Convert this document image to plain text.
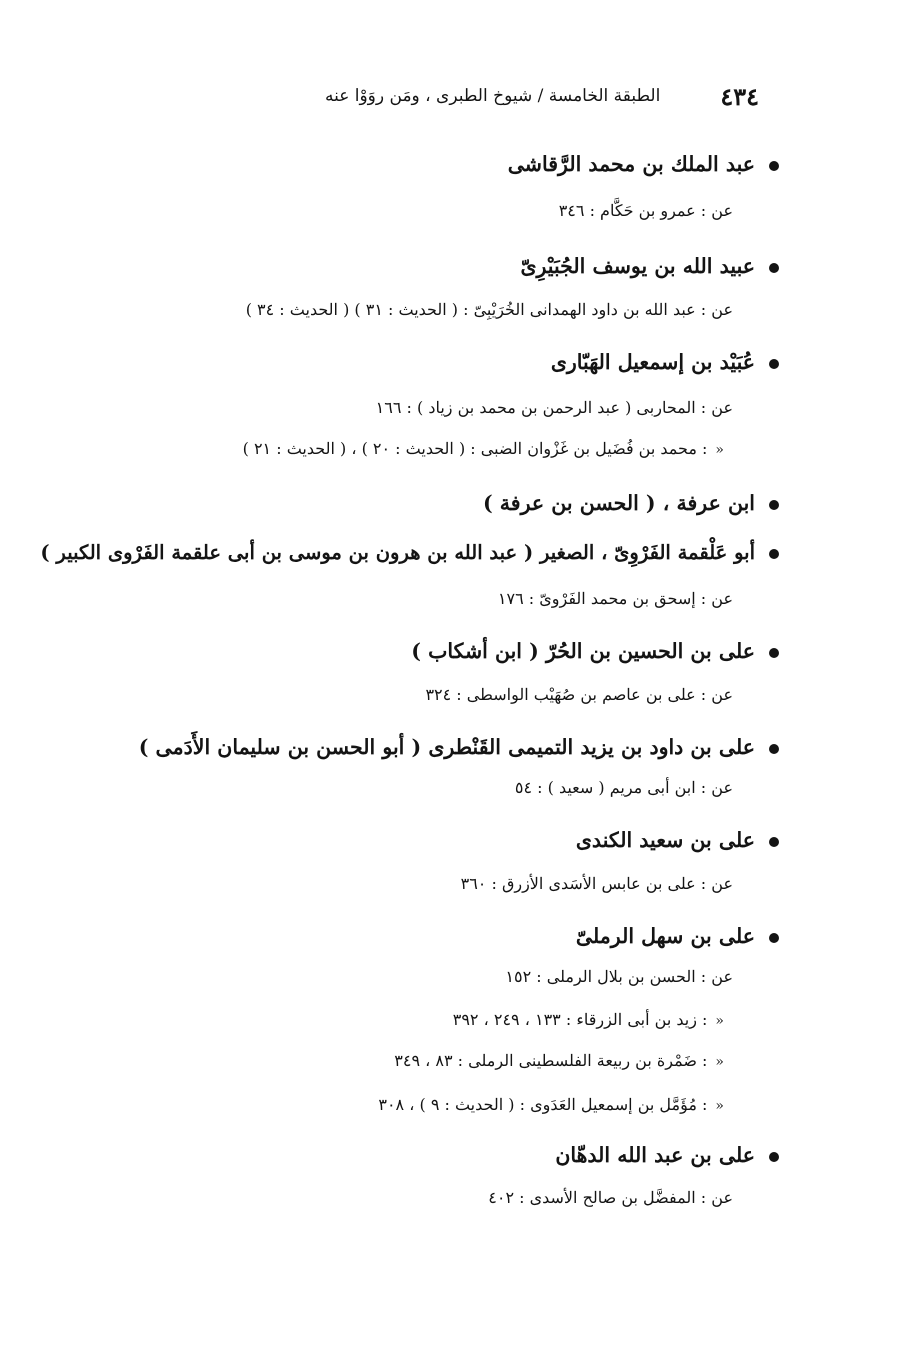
٤٣٤
الطبقة الخامسة / شيوخ الطبرى ، ومَن روَوْا عنه
عبد الملك بن محمد الرَّقاشى
عن : عمرو بن حَكَّام : ٣٤٦
عبيد الله بن يوسف الجُبَيْرِىّ
عن : عبد الله بن داود الهمدانى الخُرَيْبِىّ : ( الحديث : ٣١ ) ( الحديث : ٣٤ )
عُبَيْد بن إسمعيل الهَبّارى
عن : المحاربى ( عبد الرحمن بن محمد بن زياد ) : ١٦٦
«: محمد بن فُضَيل بن غَزْوان الضبى : ( الحديث : ٢٠ ) ، ( الحديث : ٢١ )
ابن عرفة ، ( الحسن بن عرفة )
أبو عَلْقمة الفَرْوِىّ ، الصغير ( عبد الله بن هرون بن موسى بن أبى علقمة الفَرْوى الكبير )
عن : إسحق بن محمد الفَرْوىّ : ١٧٦
على بن الحسين بن الحُرّ ( ابن أشكاب )
عن : على بن عاصم بن صُهَيْب الواسطى : ٣٢٤
على بن داود بن يزيد التميمى القَنْطرى ( أبو الحسن بن سليمان الأَدَمى )
عن : ابن أبى مريم ( سعيد ) : ٥٤
على بن سعيد الكندى
عن : على بن عابس الأسَدى الأزرق : ٣٦٠
على بن سهل الرملىّ
عن : الحسن بن بلال الرملى : ١٥٢
«: زيد بن أبى الزرقاء : ١٣٣ ، ٢٤٩ ، ٣٩٢
«: ضَمْرة بن ربيعة الفلسطينى الرملى : ٨٣ ، ٣٤٩
«: مُؤَمَّل بن إسمعيل العَدَوى : ( الحديث : ٩ ) ، ٣٠٨
على بن عبد الله الدهّان
عن : المفضَّل بن صالح الأسدى : ٤٠٢
